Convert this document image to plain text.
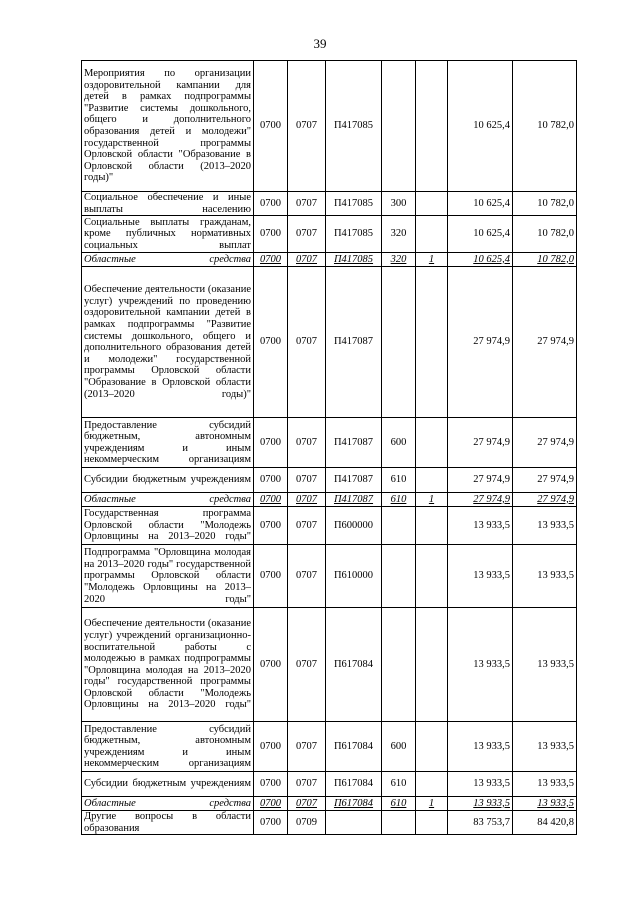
39
Мероприятия по организации оздоровительной кампании для детей в рамках подпрограммы "Развитие системы дошкольного, общего и дополнительного образования детей и молодежи" государственной программы Орловской области "Образование в Орловской области (2013–2020 годы)"	0700	0707	П417085			10 625,4	10 782,0
Социальное обеспечение и иные выплаты населению	0700	0707	П417085	300		10 625,4	10 782,0
Социальные выплаты гражданам, кроме публичных нормативных социальных выплат	0700	0707	П417085	320		10 625,4	10 782,0
Областные средства	0700	0707	П417085	320	1	10 625,4	10 782,0
Обеспечение деятельности (оказание услуг) учреждений по проведению оздоровительной кампании детей в рамках подпрограммы "Развитие системы дошкольного, общего и дополнительного образования детей и молодежи" государственной программы Орловской области "Образование в Орловской области (2013–2020 годы)"	0700	0707	П417087			27 974,9	27 974,9
Предоставление субсидий бюджетным, автономным учреждениям и иным некоммерческим организациям	0700	0707	П417087	600		27 974,9	27 974,9
Субсидии бюджетным учреждениям	0700	0707	П417087	610		27 974,9	27 974,9
Областные средства	0700	0707	П417087	610	1	27 974,9	27 974,9
Государственная программа Орловской области "Молодежь Орловщины на 2013–2020 годы"	0700	0707	П600000			13 933,5	13 933,5
Подпрограмма "Орловщина молодая на 2013–2020 годы" государственной программы Орловской области "Молодежь Орловщины на 2013–2020 годы"	0700	0707	П610000			13 933,5	13 933,5
Обеспечение деятельности (оказание услуг) учреждений организационно-воспитательной работы с молодежью в рамках подпрограммы "Орловщина молодая на 2013–2020 годы" государственной программы Орловской области "Молодежь Орловщины на 2013–2020 годы"	0700	0707	П617084			13 933,5	13 933,5
Предоставление субсидий бюджетным, автономным учреждениям и иным некоммерческим организациям	0700	0707	П617084	600		13 933,5	13 933,5
Субсидии бюджетным учреждениям	0700	0707	П617084	610		13 933,5	13 933,5
Областные средства	0700	0707	П617084	610	1	13 933,5	13 933,5
Другие вопросы в области образования	0700	0709				83 753,7	84 420,8
